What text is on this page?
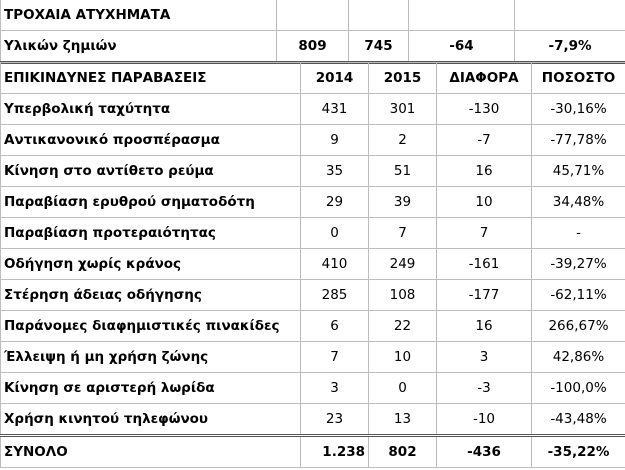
ΤΡΟΧΑΙΑ ΑΤΥΧΗΜΑΤΑ				
Υλικών ζημιών	809	745	-64	-7,9%
ΕΠΙΚΙΝΔΥΝΕΣ ΠΑΡΑΒΑΣΕΙΣ	2014	2015	ΔΙΑΦΟΡΑ	ΠΟΣΟΣΤΟ
Υπερβολική ταχύτητα	431	301	-130	-30,16%
Αντικανονικό προσπέρασμα	9	2	-7	-77,78%
Κίνηση στο αντίθετο ρεύμα	35	51	16	45,71%
Παραβίαση ερυθρού σηματοδότη	29	39	10	34,48%
Παραβίαση προτεραιότητας	0	7	7	-
Οδήγηση χωρίς κράνος	410	249	-161	-39,27%
Στέρηση άδειας οδήγησης	285	108	-177	-62,11%
Παράνομες διαφημιστικές πινακίδες	6	22	16	266,67%
Έλλειψη ή μη χρήση ζώνης	7	10	3	42,86%
Κίνηση σε αριστερή λωρίδα	3	0	-3	-100,0%
Χρήση κινητού τηλεφώνου	23	13	-10	-43,48%
ΣΥΝΟΛΟ	1.238	802	-436	-35,22%
